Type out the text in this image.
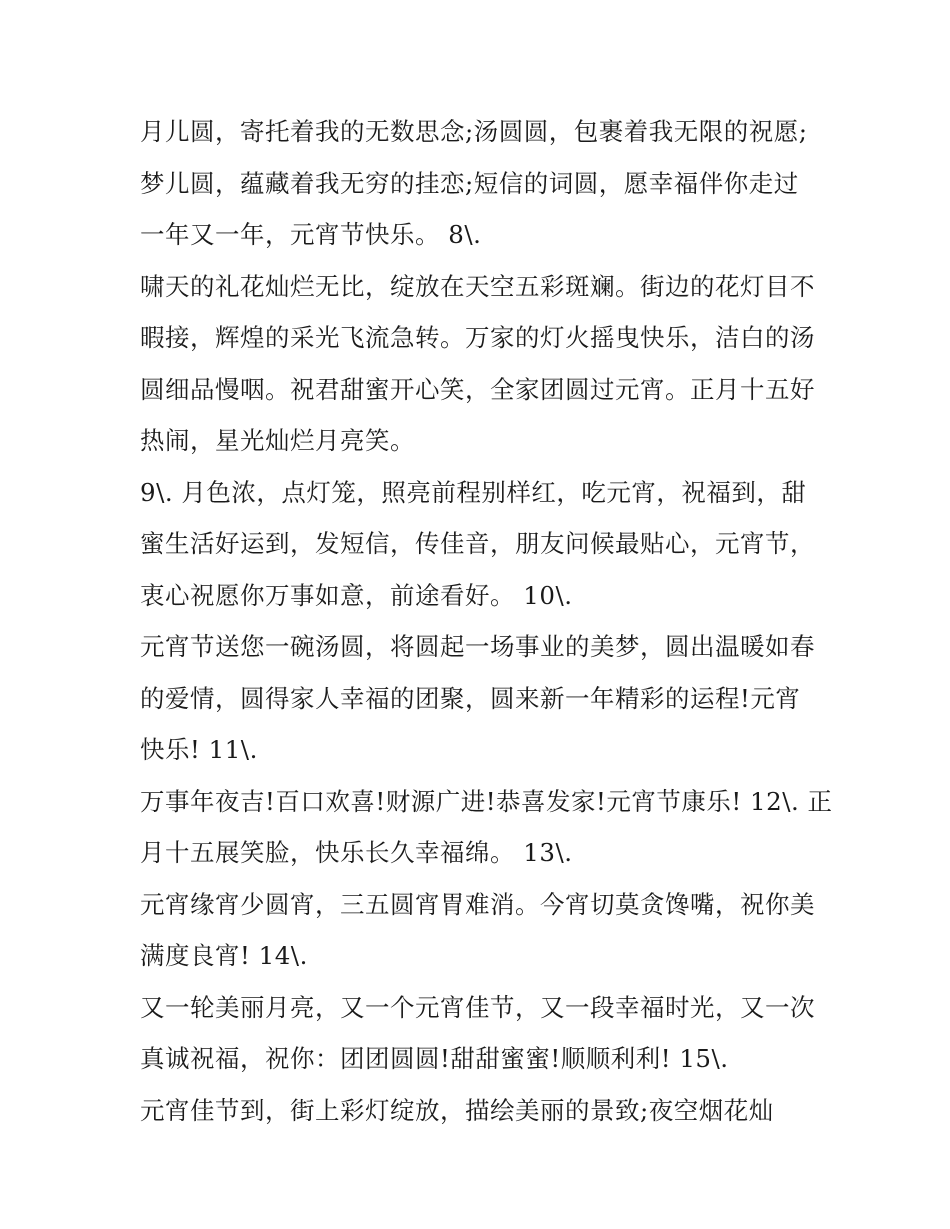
月儿圆，寄托着我的无数思念;汤圆圆，包裹着我无限的祝愿;
梦儿圆，蕴藏着我无穷的挂恋;短信的词圆，愿幸福伴你走过
一年又一年，元宵节快乐。 8\.
啸天的礼花灿烂无比，绽放在天空五彩斑斓。街边的花灯目不
暇接，辉煌的采光飞流急转。万家的灯火摇曳快乐，洁白的汤
圆细品慢咽。祝君甜蜜开心笑，全家团圆过元宵。正月十五好
热闹，星光灿烂月亮笑。
9\. 月色浓，点灯笼，照亮前程别样红，吃元宵，祝福到，甜
蜜生活好运到，发短信，传佳音，朋友问候最贴心，元宵节，
衷心祝愿你万事如意，前途看好。 10\.
元宵节送您一碗汤圆，将圆起一场事业的美梦，圆出温暖如春
的爱情，圆得家人幸福的团聚，圆来新一年精彩的运程!元宵
快乐! 11\.
万事年夜吉!百口欢喜!财源广进!恭喜发家!元宵节康乐! 12\. 正
月十五展笑脸，快乐长久幸福绵。 13\.
元宵缘宵少圆宵，三五圆宵胃难消。今宵切莫贪馋嘴，祝你美
满度良宵! 14\.
又一轮美丽月亮，又一个元宵佳节，又一段幸福时光，又一次
真诚祝福，祝你：团团圆圆!甜甜蜜蜜!顺顺利利! 15\.
元宵佳节到，街上彩灯绽放，描绘美丽的景致;夜空烟花灿
